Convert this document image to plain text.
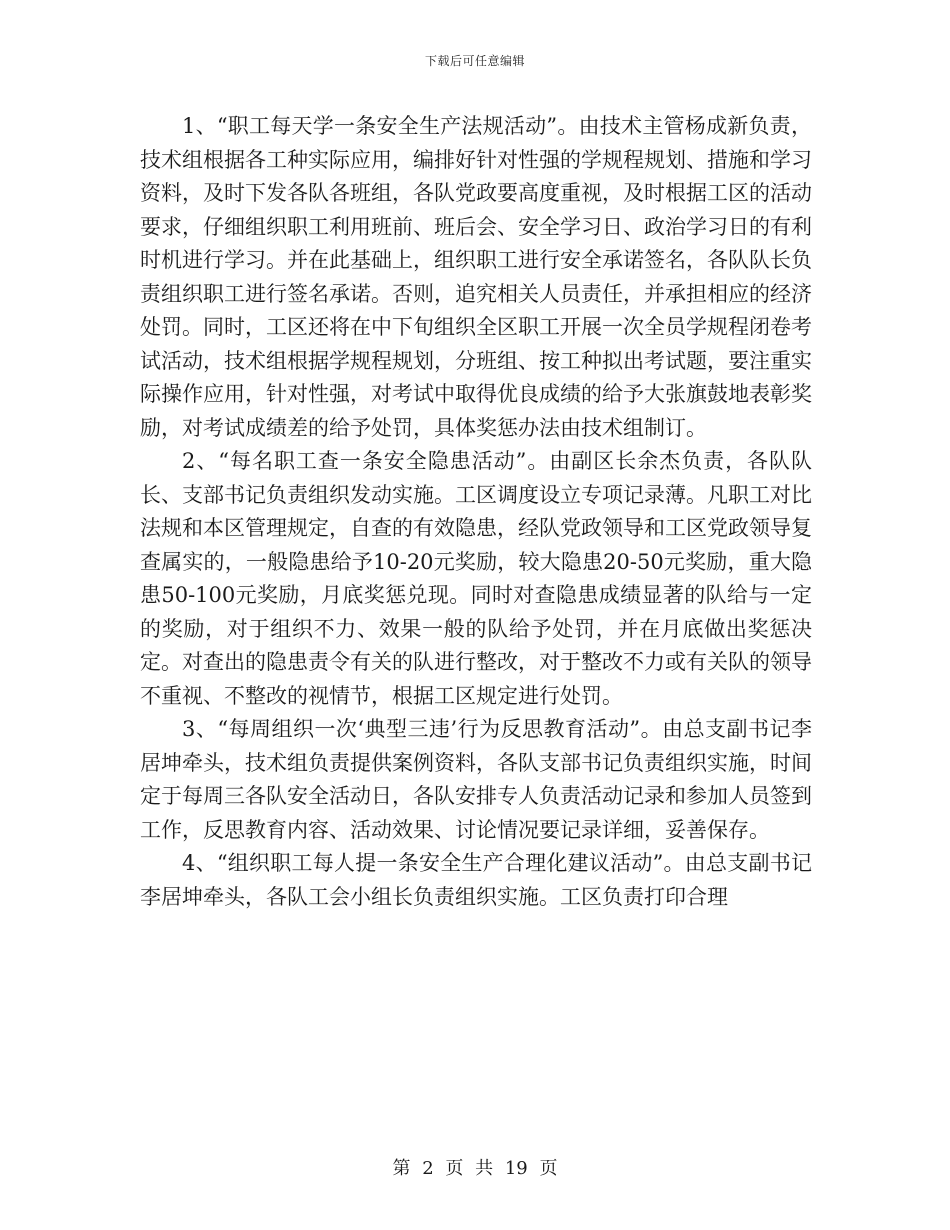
下载后可任意编辑

1、“职工每天学一条安全生产法规活动”。由技术主管杨成新负责，技术组根据各工种实际应用，编排好针对性强的学规程规划、措施和学习资料，及时下发各队各班组，各队党政要高度重视，及时根据工区的活动要求，仔细组织职工利用班前、班后会、安全学习日、政治学习日的有利时机进行学习。并在此基础上，组织职工进行安全承诺签名，各队队长负责组织职工进行签名承诺。否则，追究相关人员责任，并承担相应的经济处罚。同时，工区还将在中下旬组织全区职工开展一次全员学规程闭卷考试活动，技术组根据学规程规划，分班组、按工种拟出考试题，要注重实际操作应用，针对性强，对考试中取得优良成绩的给予大张旗鼓地表彰奖励，对考试成绩差的给予处罚，具体奖惩办法由技术组制订。

2、“每名职工查一条安全隐患活动”。由副区长余杰负责，各队队长、支部书记负责组织发动实施。工区调度设立专项记录薄。凡职工对比法规和本区管理规定，自查的有效隐患，经队党政领导和工区党政领导复查属实的，一般隐患给予10-20元奖励，较大隐患20-50元奖励，重大隐患50-100元奖励，月底奖惩兑现。同时对查隐患成绩显著的队给与一定的奖励，对于组织不力、效果一般的队给予处罚，并在月底做出奖惩决定。对查出的隐患责令有关的队进行整改，对于整改不力或有关队的领导不重视、不整改的视情节，根据工区规定进行处罚。

3、“每周组织一次‘典型三违’行为反思教育活动”。由总支副书记李居坤牵头，技术组负责提供案例资料，各队支部书记负责组织实施，时间定于每周三各队安全活动日，各队安排专人负责活动记录和参加人员签到工作，反思教育内容、活动效果、讨论情况要记录详细，妥善保存。

4、“组织职工每人提一条安全生产合理化建议活动”。由总支副书记李居坤牵头，各队工会小组长负责组织实施。工区负责打印合理

第 2 页 共 19 页
